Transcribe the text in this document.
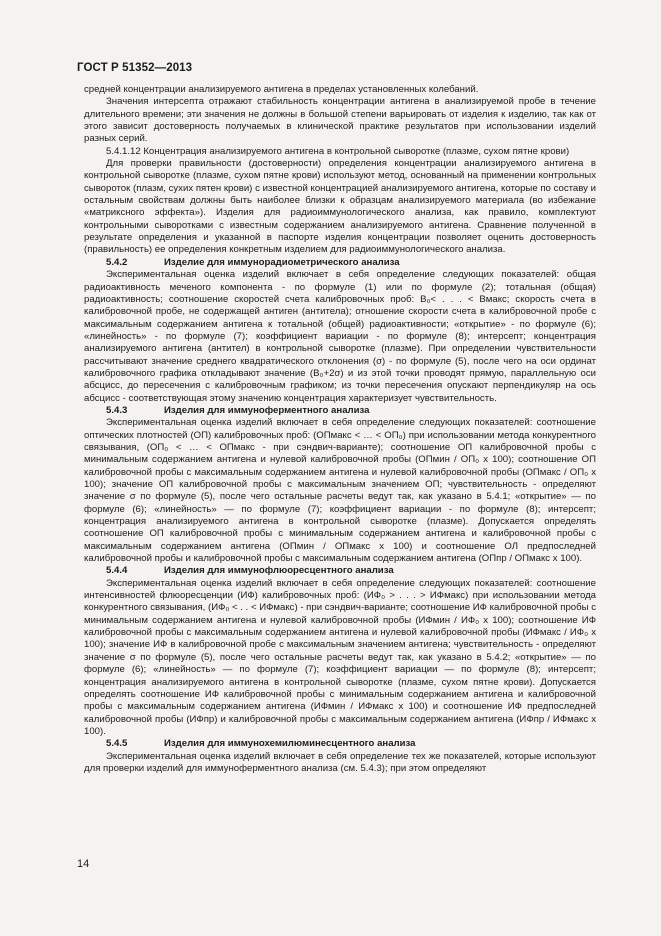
ГОСТ Р 51352—2013

средней концентрации анализируемого антигена в пределах установленных колебаний.

Значения интерсепта отражают стабильность концентрации антигена в анализируемой пробе в течение длительного времени; эти значения не должны в большой степени варьировать от изделия к изделию, так как от этого зависит достоверность получаемых в клинической практике результатов при использовании изделий разных серий.

5.4.1.12 Концентрация анализируемого антигена в контрольной сыворотке (плазме, сухом пятне крови)

Для проверки правильности (достоверности) определения концентрации анализируемого антигена в контрольной сыворотке (плазме, сухом пятне крови) используют метод, основанный на применении контрольных сывороток (плазм, сухих пятен крови) с известной концентрацией анализируемого антигена, которые по составу и остальным свойствам должны быть наиболее близки к образцам анализируемого материала (во избежание «матриксного эффекта»). Изделия для радиоиммунологического анализа, как правило, комплектуют контрольными сыворотками с известным содержанием анализируемого антигена. Сравнение полученной в результате определения и указанной в паспорте изделия концентрации позволяет оценить достоверность (правильность) ее определения конкретным изделием для радиоиммунологического анализа.

5.4.2	Изделие для иммунорадиометрического анализа

Экспериментальная оценка изделий включает в себя определение следующих показателей: общая радиоактивность меченого компонента - по формуле (1) или по формуле (2); тотальная (общая) радиоактивность; соотношение скоростей счета калибровочных проб: B₀< . . . < Bмакс; скорость счета в калибровочной пробе, не содержащей антиген (антитела); отношение скорости счета в калибровочной пробе с максимальным содержанием антигена к тотальной (общей) радиоактивности; «открытие» - по формуле (6); «линейность» - по формуле (7); коэффициент вариации - по формуле (8); интерсепт; концентрация анализируемого антигена (антител) в контрольной сыворотке (плазме). При определении чувствительности рассчитывают значение среднего квадратического отклонения (σ) - по формуле (5), после чего на оси ординат калибровочного графика откладывают значение (B₀+2σ) и из этой точки проводят прямую, параллельную оси абсцисс, до пересечения с калибровочным графиком; из точки пересечения опускают перпендикуляр на ось абсцисс - соответствующая этому значению концентрация характеризует чувствительность.

5.4.3	Изделия для иммуноферментного анализа

Экспериментальная оценка изделий включает в себя определение следующих показателей: соотношение оптических плотностей (ОП) калибровочных проб: (ОПмакс < … < ОП₀) при использовании метода конкурентного связывания, (ОП₀ < … < ОПмакс - при сэндвич-варианте); соотношение ОП калибровочной пробы с минимальным содержанием антигена и нулевой калибровочной пробы (ОПмин / ОП₀ x 100); соотношение ОП калибровочной пробы с максимальным содержанием антигена и нулевой калибровочной пробы (ОПмакс / ОП₀ x 100); значение ОП калибровочной пробы с максимальным значением ОП; чувствительность - определяют значение σ по формуле (5), после чего остальные расчеты ведут так, как указано в 5.4.1; «открытие» — по формуле (6); «линейность» — по формуле (7); коэффициент вариации - по формуле (8); интерсепт; концентрация анализируемого антигена в контрольной сыворотке (плазме). Допускается определять соотношение ОП калибровочной пробы с минимальным содержанием антигена и калибровочной пробы с максимальным содержанием антигена (ОПмин / ОПмакс x 100) и соотношение ОЛ предпоследней калибровочной пробы и калибровочной пробы с максимальным содержанием антигена (ОПпр / ОПмакс x 100).

5.4.4	Изделия для иммунофлюоресцентного анализа

Экспериментальная оценка изделий включает в себя определение следующих показателей: соотношение интенсивностей флюоресценции (ИФ) калибровочных проб: (ИФ₀ > . . . > ИФмакс) при использовании метода конкурентного связывания, (ИФ₀ < . . < ИФмакс) - при сэндвич-варианте; соотношение ИФ калибровочной пробы с минимальным содержанием антигена и нулевой калибровочной пробы (ИФмин / ИФ₀ x 100); соотношение ИФ калибровочной пробы с максимальным содержанием антигена и нулевой калибровочной пробы (ИФмакс / ИФ₀ x 100); значение ИФ в калибровочной пробе с максимальным значением антигена; чувствительность - определяют значение σ по формуле (5), после чего остальные расчеты ведут так, как указано в 5.4.2; «открытие» — по формуле (6); «линейность» — по формуле (7); коэффициент вариации — по формуле (8); интерсепт; концентрация анализируемого антигена в контрольной сыворотке (плазме, сухом пятне крови). Допускается определять соотношение ИФ калибровочной пробы с минимальным содержанием антигена и калибровочной пробы с максимальным содержанием антигена (ИФмин / ИФмакс x 100) и соотношение ИФ предпоследней калибровочной пробы (ИФпр) и калибровочной пробы с максимальным содержанием антигена (ИФпр / ИФмакс x 100).

5.4.5	Изделия для иммунохемилюминесцентного анализа

Экспериментальная оценка изделий включает в себя определение тех же показателей, которые используют для проверки изделий для иммуноферментного анализа (см. 5.4.3); при этом определяют

14
